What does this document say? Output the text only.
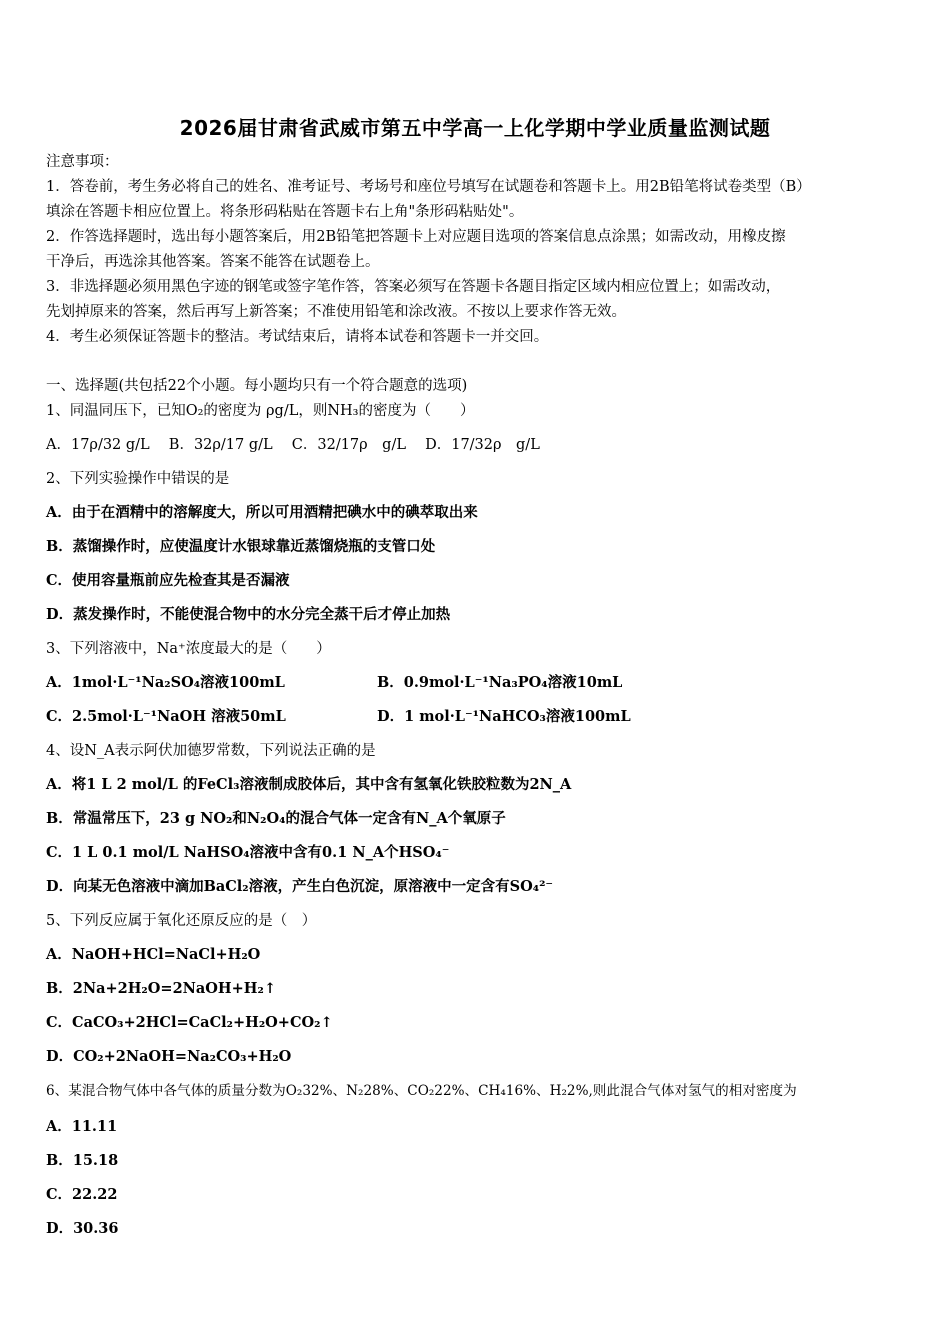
2026届甘肃省武威市第五中学高一上化学期中学业质量监测试题
注意事项：
1．答卷前，考生务必将自己的姓名、准考证号、考场号和座位号填写在试题卷和答题卡上。用2B铅笔将试卷类型（B）
填涂在答题卡相应位置上。将条形码粘贴在答题卡右上角"条形码粘贴处"。
2．作答选择题时，选出每小题答案后，用2B铅笔把答题卡上对应题目选项的答案信息点涂黑；如需改动，用橡皮擦
干净后，再选涂其他答案。答案不能答在试题卷上。
3．非选择题必须用黑色字迹的钢笔或签字笔作答，答案必须写在答题卡各题目指定区域内相应位置上；如需改动，
先划掉原来的答案，然后再写上新答案；不准使用铅笔和涂改液。不按以上要求作答无效。
4．考生必须保证答题卡的整洁。考试结束后，请将本试卷和答题卡一并交回。
一、选择题(共包括22个小题。每小题均只有一个符合题意的选项)
1、同温同压下，已知O₂的密度为 ρg/L，则NH₃的密度为（　　）
A．17ρ/32 g/L　 B．32ρ/17 g/L　 C．32/17ρ　g/L　 D．17/32ρ　g/L
2、下列实验操作中错误的是
A．由于在酒精中的溶解度大，所以可用酒精把碘水中的碘萃取出来
B．蒸馏操作时，应使温度计水银球靠近蒸馏烧瓶的支管口处
C．使用容量瓶前应先检查其是否漏液
D．蒸发操作时，不能使混合物中的水分完全蒸干后才停止加热
3、下列溶液中，Na⁺浓度最大的是（　　）
A．1mol·L⁻¹Na₂SO₄溶液100mL	B．0.9mol·L⁻¹Na₃PO₄溶液10mL
C．2.5mol·L⁻¹NaOH 溶液50mL	D．1 mol·L⁻¹NaHCO₃溶液100mL
4、设N_A表示阿伏加德罗常数，下列说法正确的是
A．将1 L 2 mol/L 的FeCl₃溶液制成胶体后，其中含有氢氧化铁胶粒数为2N_A
B．常温常压下，23 g NO₂和N₂O₄的混合气体一定含有N_A个氧原子
C．1 L 0.1 mol/L NaHSO₄溶液中含有0.1 N_A个HSO₄⁻
D．向某无色溶液中滴加BaCl₂溶液，产生白色沉淀，原溶液中一定含有SO₄²⁻
5、下列反应属于氧化还原反应的是（　）
A．NaOH+HCl=NaCl+H₂O
B．2Na+2H₂O=2NaOH+H₂↑
C．CaCO₃+2HCl=CaCl₂+H₂O+CO₂↑
D．CO₂+2NaOH=Na₂CO₃+H₂O
6、某混合物气体中各气体的质量分数为O₂32%、N₂28%、CO₂22%、CH₄16%、H₂2%,则此混合气体对氢气的相对密度为
A．11.11
B．15.18
C．22.22
D．30.36
